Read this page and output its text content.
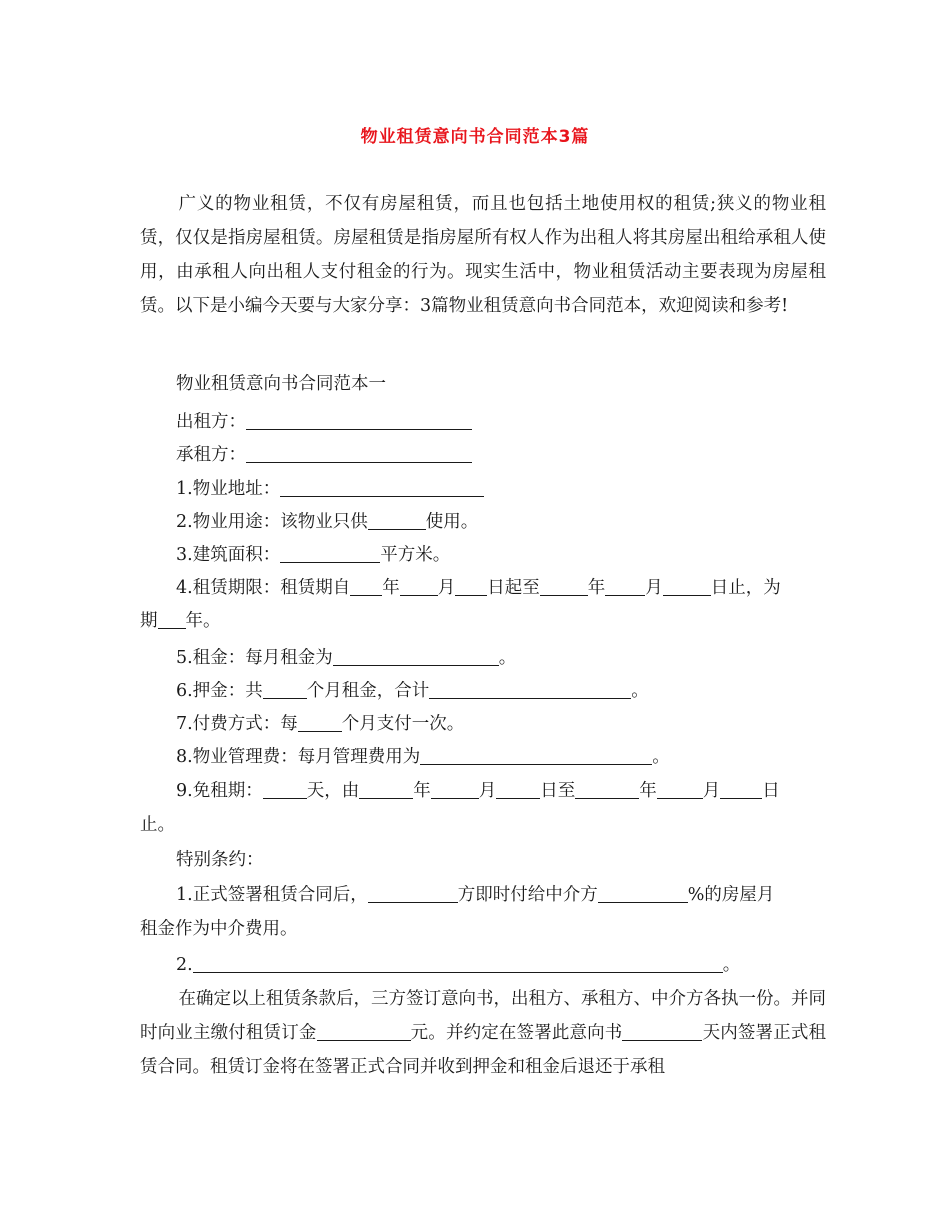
物业租赁意向书合同范本3篇

广义的物业租赁，不仅有房屋租赁，而且也包括土地使用权的租赁;狭义的物业租赁，仅仅是指房屋租赁。房屋租赁是指房屋所有权人作为出租人将其房屋出租给承租人使用，由承租人向出租人支付租金的行为。现实生活中，物业租赁活动主要表现为房屋租赁。以下是小编今天要与大家分享：3篇物业租赁意向书合同范本，欢迎阅读和参考!

物业租赁意向书合同范本一
出租方：
承租方：
1.物业地址：
2.物业用途：该物业只供	使用。
3.建筑面积：	平方米。
4.租赁期限：租赁期自 年 月 日起至	年 月	日止，为
期 年。
5.租金：每月租金为	。
6.押金：共	个月租金，合计	。
7.付费方式：每	个月支付一次。
8.物业管理费：每月管理费用为	。
9.免租期：	天，由	年	月	日至	年	月 日
止。
特别条约：
1.正式签署租赁合同后，	方即时付给中介方	%的房屋月
租金作为中介费用。
2.	。

在确定以上租赁条款后，三方签订意向书，出租方、承租方、中介方各执一份。并同时向业主缴付租赁订金	元。并约定在签署此意向书	天内签署正式租赁合同。租赁订金将在签署正式合同并收到押金和租金后退还于承租
